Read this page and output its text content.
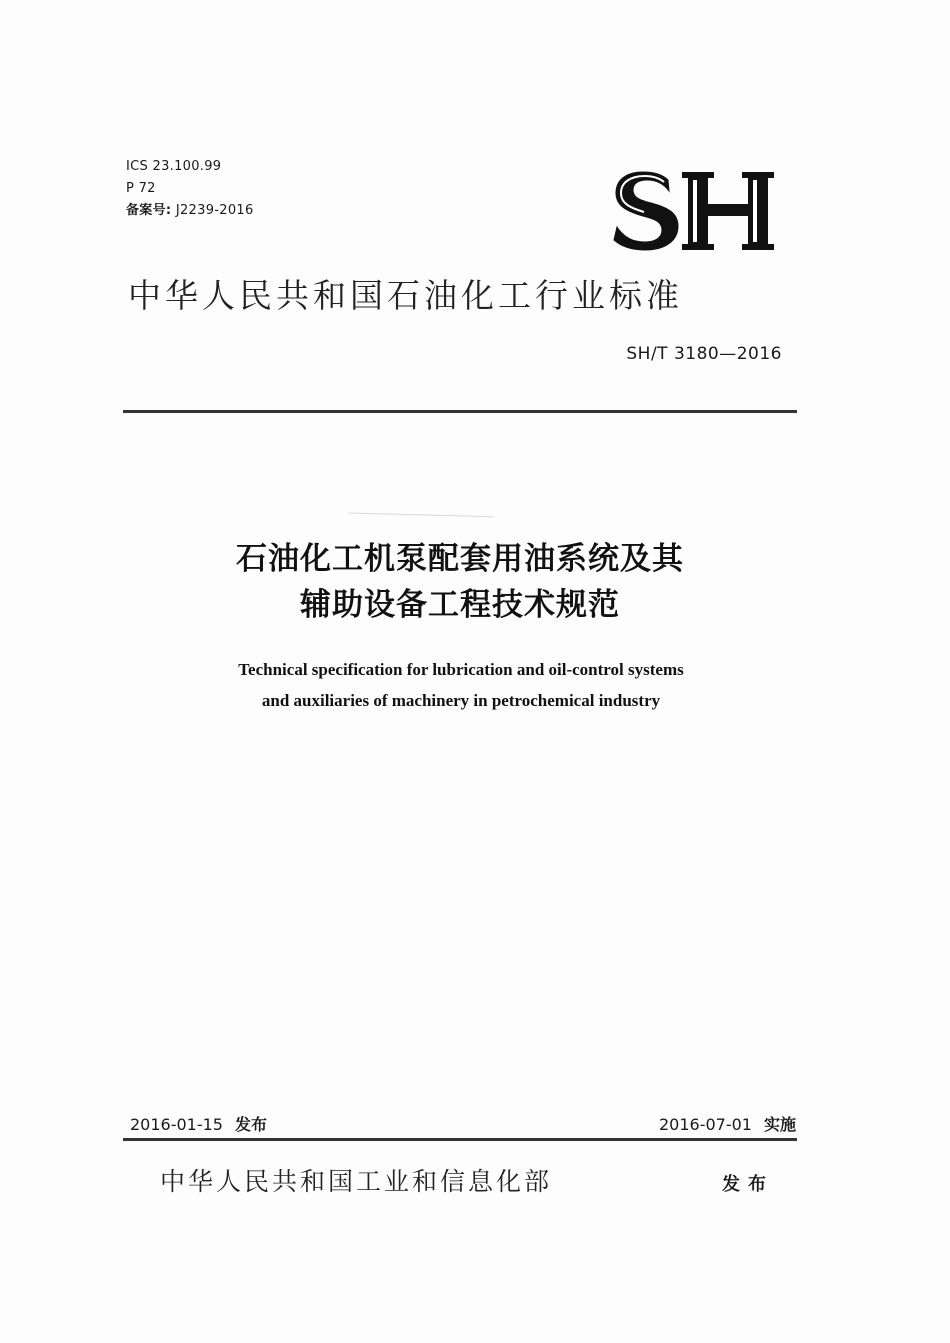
ICS 23.100.99
P 72
备案号: J2239-2016
中华人民共和国石油化工行业标准
SH/T 3180—2016
石油化工机泵配套用油系统及其
辅助设备工程技术规范
Technical specification for lubrication and oil-control systems
and auxiliaries of machinery in petrochemical industry
2016-01-15 发布	2016-07-01 实施
中华人民共和国工业和信息化部	发布
